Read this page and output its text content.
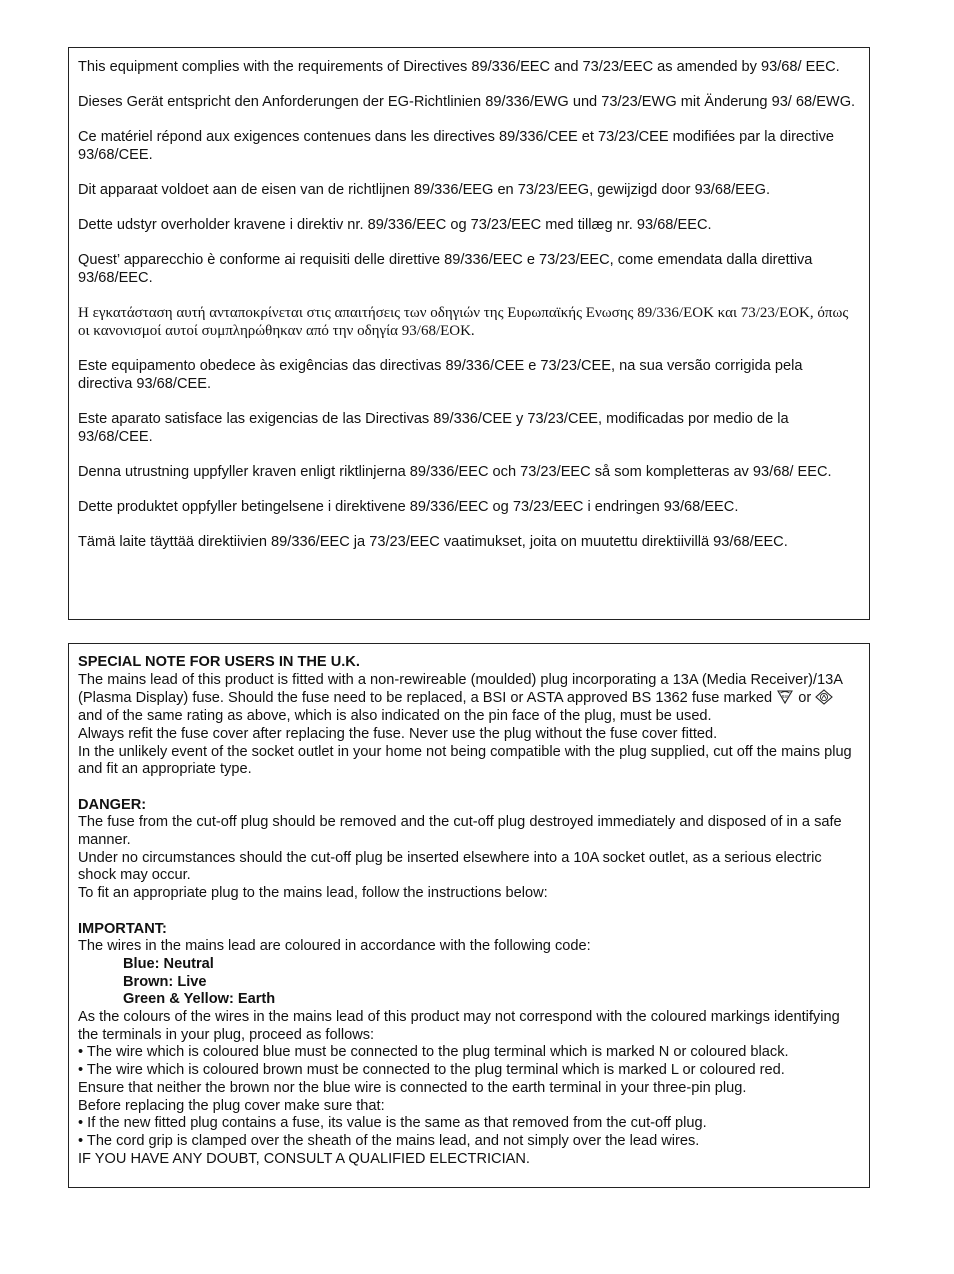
This equipment complies with the requirements of Directives 89/336/EEC and 73/23/EEC as amended by 93/68/ EEC.

Dieses Gerät entspricht den Anforderungen der EG-Richtlinien 89/336/EWG und 73/23/EWG mit Änderung 93/ 68/EWG.

Ce matériel répond aux exigences contenues dans les directives 89/336/CEE et 73/23/CEE modifiées par la directive 93/68/CEE.

Dit apparaat voldoet aan de eisen van de richtlijnen 89/336/EEG en 73/23/EEG, gewijzigd door 93/68/EEG.

Dette udstyr overholder kravene i direktiv nr. 89/336/EEC og 73/23/EEC med tillæg nr. 93/68/EEC.

Quest’ apparecchio è conforme ai requisiti delle direttive 89/336/EEC e 73/23/EEC, come emendata dalla direttiva 93/68/EEC.

Η εγκατάσταση αυτή ανταποκρίνεται στις απαιτήσεις των οδηγιών της Ευρωπαϊκής Ενωσης 89/336/ΕΟΚ και 73/23/ΕΟΚ, όπως οι κανονισμοί αυτοί συμπληρώθηκαν από την οδηγία 93/68/ΕΟΚ.

Este equipamento obedece às exigências das directivas 89/336/CEE e 73/23/CEE, na sua versão corrigida pela directiva 93/68/CEE.

Este aparato satisface las exigencias de las Directivas 89/336/CEE y 73/23/CEE, modificadas por medio de la 93/68/CEE.

Denna utrustning uppfyller kraven enligt riktlinjerna 89/336/EEC och 73/23/EEC så som kompletteras av 93/68/ EEC.

Dette produktet oppfyller betingelsene i direktivene 89/336/EEC og 73/23/EEC i endringen 93/68/EEC.

Tämä laite täyttää direktiivien 89/336/EEC ja 73/23/EEC vaatimukset, joita on muutettu direktiivillä 93/68/EEC.

SPECIAL NOTE FOR USERS IN THE U.K.

The mains lead of this product is fitted with a non-rewireable (moulded) plug incorporating a 13A (Media Receiver)/13A (Plasma Display) fuse. Should the fuse need to be replaced, a BSI or ASTA approved BS 1362 fuse marked BSI or
and of the same rating as above, which is also indicated on the pin face of the plug, must be used.

Always refit the fuse cover after replacing the fuse. Never use the plug without the fuse cover fitted.

In the unlikely event of the socket outlet in your home not being compatible with the plug supplied, cut off the mains plug and fit an appropriate type.

DANGER:

The fuse from the cut-off plug should be removed and the cut-off plug destroyed immediately and disposed of in a safe manner.

Under no circumstances should the cut-off plug be inserted elsewhere into a 10A socket outlet, as a serious electric shock may occur.

To fit an appropriate plug to the mains lead, follow the instructions below:

IMPORTANT:

The wires in the mains lead are coloured in accordance with the following code:

Blue: Neutral

Brown: Live

Green & Yellow: Earth

As the colours of the wires in the mains lead of this product may not correspond with the coloured markings identifying the terminals in your plug, proceed as follows:

• The wire which is coloured blue must be connected to the plug terminal which is marked N or coloured black.

• The wire which is coloured brown must be connected to the plug terminal which is marked L or coloured red.

Ensure that neither the brown nor the blue wire is connected to the earth terminal in your three-pin plug.

Before replacing the plug cover make sure that:

• If the new fitted plug contains a fuse, its value is the same as that removed from the cut-off plug.

• The cord grip is clamped over the sheath of the mains lead, and not simply over the lead wires.

IF YOU HAVE ANY DOUBT, CONSULT A QUALIFIED ELECTRICIAN.
